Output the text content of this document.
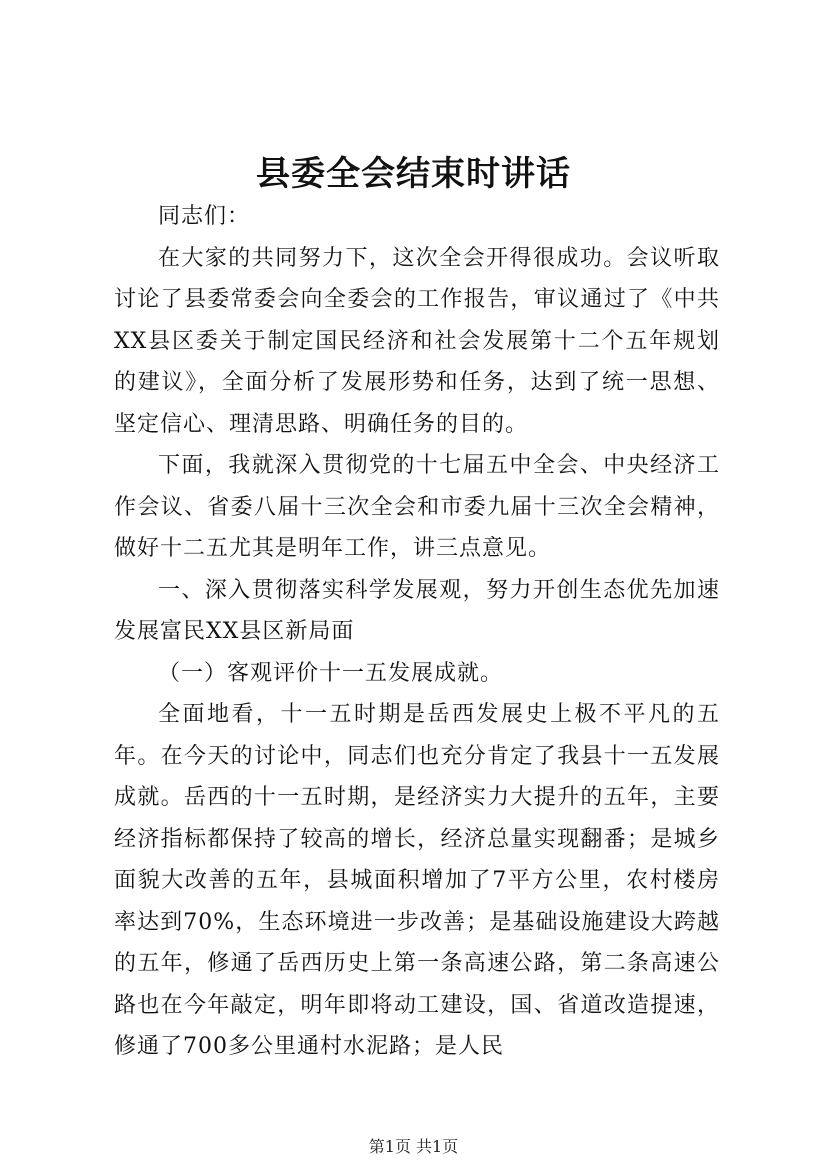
县委全会结束时讲话

同志们：

在大家的共同努力下，这次全会开得很成功。会议听取讨论了县委常委会向全委会的工作报告，审议通过了《中共XX县区委关于制定国民经济和社会发展第十二个五年规划的建议》，全面分析了发展形势和任务，达到了统一思想、坚定信心、理清思路、明确任务的目的。

下面，我就深入贯彻党的十七届五中全会、中央经济工作会议、省委八届十三次全会和市委九届十三次全会精神，做好十二五尤其是明年工作，讲三点意见。

一、深入贯彻落实科学发展观，努力开创生态优先加速发展富民XX县区新局面

（一）客观评价十一五发展成就。

全面地看，十一五时期是岳西发展史上极不平凡的五年。在今天的讨论中，同志们也充分肯定了我县十一五发展成就。岳西的十一五时期，是经济实力大提升的五年，主要经济指标都保持了较高的增长，经济总量实现翻番；是城乡面貌大改善的五年，县城面积增加了7平方公里，农村楼房率达到70%，生态环境进一步改善；是基础设施建设大跨越的五年，修通了岳西历史上第一条高速公路，第二条高速公路也在今年敲定，明年即将动工建设，国、省道改造提速，修通了700多公里通村水泥路；是人民

第1页 共1页
